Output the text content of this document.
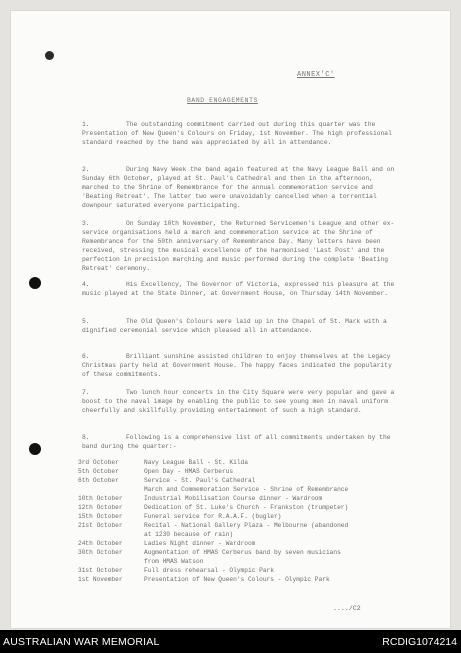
ANNEX'C'
BAND ENGAGEMENTS

1.	The outstanding commitment carried out during this quarter was the Presentation of New Queen's Colours on Friday, 1st November. The high professional standard reached by the band was appreciated by all in attendance.

2.	During Navy Week the band again featured at the Navy League Ball and on Sunday 6th October, played at St. Paul's Cathedral and then in the afternoon, marched to the Shrine of Remembrance for the annual commemoration service and 'Beating Retreat'. The latter two were unavoidably cancelled when a torrential downpour saturated everyone participating.

3.	On Sunday 10th November, the Returned Servicemen's League and other ex-service organisations held a march and commemoration service at the Shrine of Remembrance for the 50th anniversary of Remembrance Day. Many letters have been received, stressing the musical excellence of the harmonised 'Last Post' and the perfection in precision marching and music performed during the complete 'Beating Retreat' ceremony.

4.	His Excellency, The Governor of Victoria, expressed his pleasure at the music played at the State Dinner, at Government House, on Thursday 14th November.

5.	The Old Queen's Colours were laid up in the Chapel of St. Mark with a dignified ceremonial service which pleased all in attendance.

6.	Brilliant sunshine assisted children to enjoy themselves at the Legacy Christmas party held at Government House. The happy faces indicated the popularity of these commitments.

7.	Two lunch hour concerts in the City Square were very popular and gave a boost to the naval image by enabling the public to see young men in naval uniform cheerfully and skillfully providing entertainment of such a high standard.

8.	Following is a comprehensive list of all commitments undertaken by the band during the quarter:-

3rd October	Navy League Ball - St. Kilda
5th October	Open Day - HMAS Cerberus
6th October	Service - St. Paul's Cathedral
March and Commemoration Service - Shrine of Remembrance
10th October	Industrial Mobilisation Course dinner - Wardroom
12th October	Dedication of St. Luke's Church - Frankston (trumpeter)
15th October	Funeral service for R.A.A.F. (bugler)
21st October	Recital - National Gallery Plaza - Melbourne (abandoned
at 1230 because of rain)
24th October	Ladies Night dinner - Wardroom
30th October	Augmentation of HMAS Cerberus band by seven musicians
from HMAS Watson
31st October	Full dress rehearsal - Olympic Park
1st November	Presentation of New Queen's Colours - Olympic Park
..../C2
AUSTRALIAN WAR MEMORIAL	RCDIG1074214
